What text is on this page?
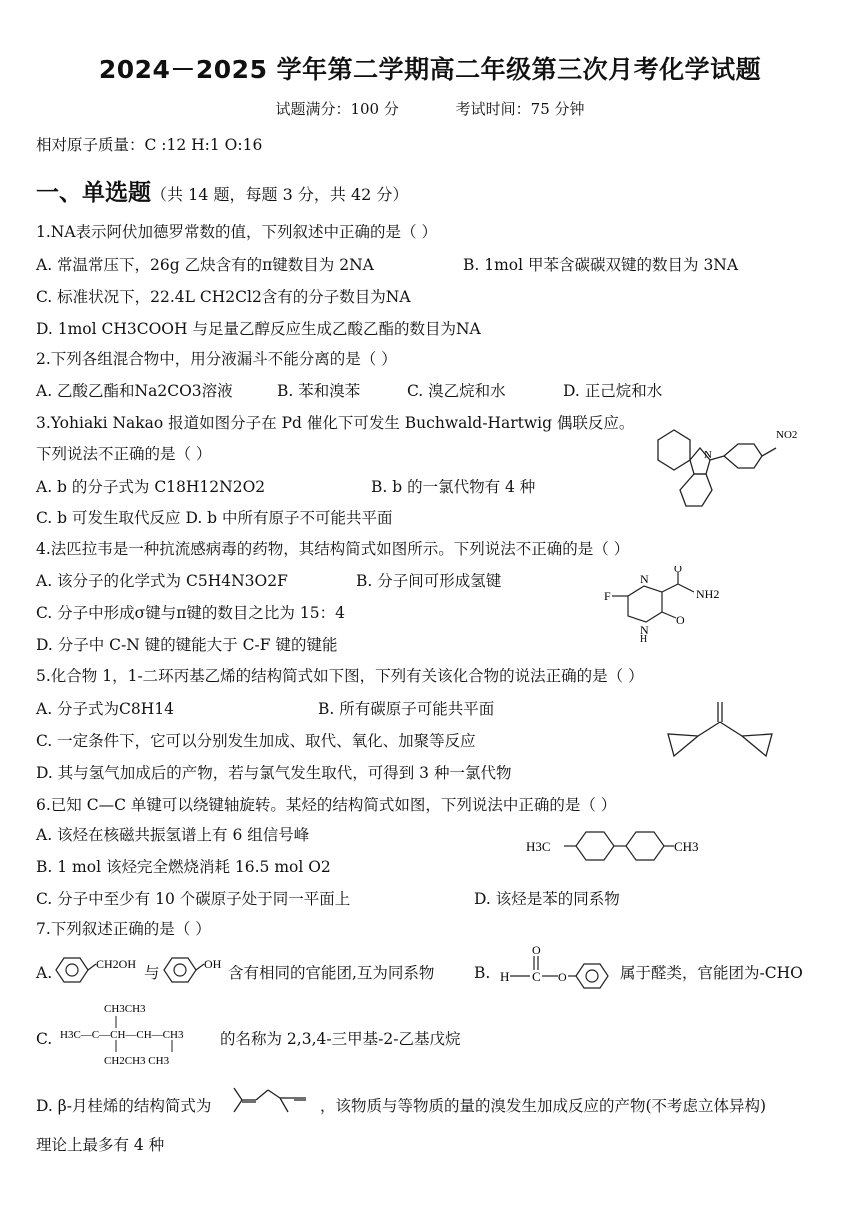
2024－2025 学年第二学期高二年级第三次月考化学试题
试题满分：100 分	考试时间：75 分钟
相对原子质量：C :12 H:1 O:16
一、单选题（共 14 题，每题 3 分，共 42 分）
1.NA表示阿伏加德罗常数的值，下列叙述中正确的是（ ）
A. 常温常压下，26g 乙炔含有的π键数目为 2NA	B. 1mol 甲苯含碳碳双键的数目为 3NA
C. 标准状况下，22.4L CH2Cl2含有的分子数目为NA
D. 1mol CH3COOH 与足量乙醇反应生成乙酸乙酯的数目为NA
2.下列各组混合物中，用分液漏斗不能分离的是（ ）
A. 乙酸乙酯和Na2CO3溶液	B. 苯和溴苯	C. 溴乙烷和水	D. 正己烷和水
3.Yohiaki Nakao 报道如图分子在 Pd 催化下可发生 Buchwald-Hartwig 偶联反应。
下列说法不正确的是（ ）
A. b 的分子式为 C18H12N2O2	B. b 的一氯代物有 4 种
C. b 可发生取代反应 D. b 中所有原子不可能共平面
N
NO2
4.法匹拉韦是一种抗流感病毒的药物，其结构简式如图所示。下列说法不正确的是（ ）
A. 该分子的化学式为 C5H4N3O2F	B. 分子间可形成氢键
C. 分子中形成σ键与π键的数目之比为 15：4
D. 分子中 C-N 键的键能大于 C-F 键的键能
F
N
N
H
O
O
NH2
5.化合物 1，1-二环丙基乙烯的结构简式如下图，下列有关该化合物的说法正确的是（ ）
A. 分子式为C8H14	B. 所有碳原子可能共平面
C. 一定条件下，它可以分别发生加成、取代、氧化、加聚等反应
D. 其与氢气加成后的产物，若与氯气发生取代，可得到 3 种一氯代物
6.已知 C—C 单键可以绕键轴旋转。某烃的结构简式如图，下列说法中正确的是（ ）
A. 该烃在核磁共振氢谱上有 6 组信号峰
B. 1 mol 该烃完全燃烧消耗 16.5 mol O2
C. 分子中至少有 10 个碳原子处于同一平面上	D. 该烃是苯的同系物
H3C	CH3
7.下列叙述正确的是（ ）
A.	CH2OH 与	OH 含有相同的官能团,互为同系物	B.
O
H C O	属于醛类，官能团为-CHO
C.
CH3CH3
H3C—C—CH—CH—CH3
CH2CH3 CH3
的名称为 2,3,4-三甲基-2-乙基戊烷
D. β-月桂烯的结构简式为	，该物质与等物质的量的溴发生加成反应的产物(不考虑立体异构)
理论上最多有 4 种
